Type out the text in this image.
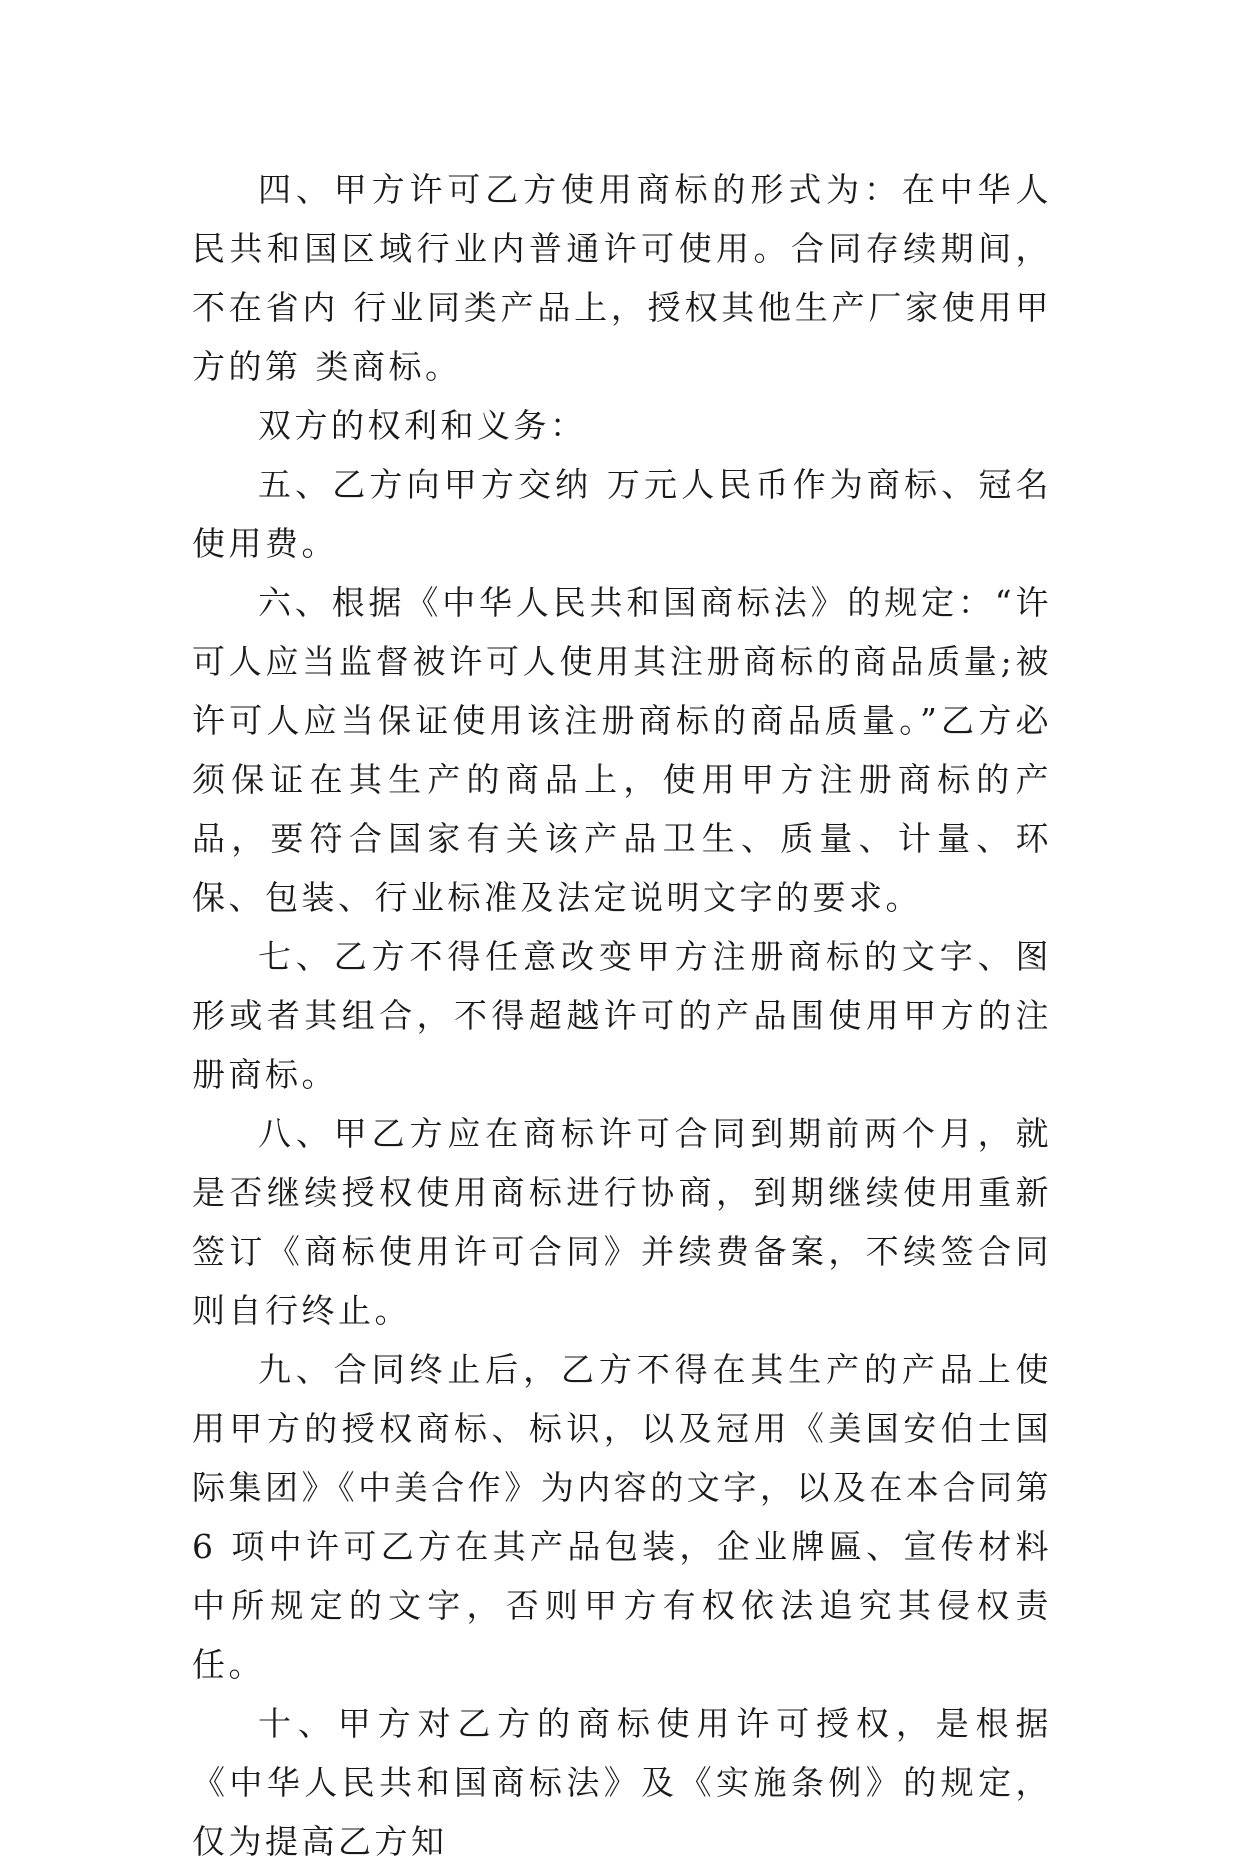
四、甲方许可乙方使用商标的形式为：在中华人民共和国区域行业内普通许可使用。合同存续期间，不在省内 行业同类产品上，授权其他生产厂家使用甲方的第 类商标。

双方的权利和义务：

五、乙方向甲方交纳 万元人民币作为商标、冠名使用费。

六、根据《中华人民共和国商标法》的规定：“许可人应当监督被许可人使用其注册商标的商品质量;被许可人应当保证使用该注册商标的商品质量。”乙方必须保证在其生产的商品上，使用甲方注册商标的产品，要符合国家有关该产品卫生、质量、计量、环保、包装、行业标准及法定说明文字的要求。

七、乙方不得任意改变甲方注册商标的文字、图形或者其组合，不得超越许可的产品围使用甲方的注册商标。

八、甲乙方应在商标许可合同到期前两个月，就是否继续授权使用商标进行协商，到期继续使用重新签订《商标使用许可合同》并续费备案，不续签合同则自行终止。

九、合同终止后，乙方不得在其生产的产品上使用甲方的授权商标、标识，以及冠用《美国安伯士国际集团》《中美合作》为内容的文字，以及在本合同第 6 项中许可乙方在其产品包装，企业牌匾、宣传材料中所规定的文字，否则甲方有权依法追究其侵权责任。

十、甲方对乙方的商标使用许可授权，是根据《中华人民共和国商标法》及《实施条例》的规定，仅为提高乙方知
